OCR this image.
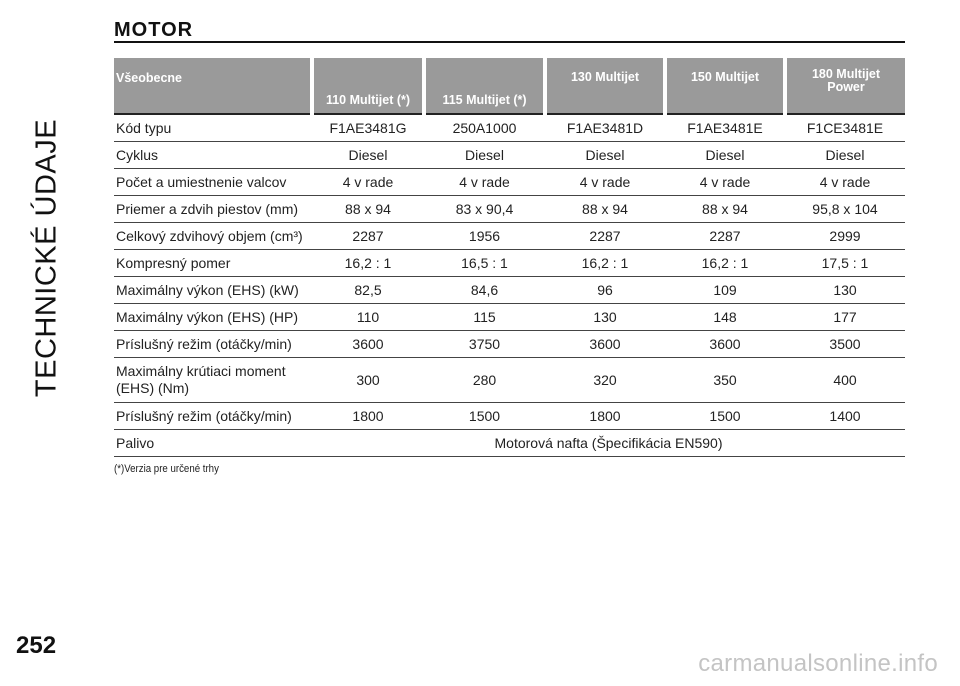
TECHNICKÉ ÚDAJE
252
MOTOR
Všeobecne	110 Multijet (*)	115 Multijet (*)	130 Multijet	150 Multijet	180 Multijet
Power
Kód typu	F1AE3481G	250A1000	F1AE3481D	F1AE3481E	F1CE3481E
Cyklus	Diesel	Diesel	Diesel	Diesel	Diesel
Počet a umiestnenie valcov	4 v rade	4 v rade	4 v rade	4 v rade	4 v rade
Priemer a zdvih piestov (mm)	88 x 94	83 x 90,4	88 x 94	88 x 94	95,8 x 104
Celkový zdvihový objem (cm³)	2287	1956	2287	2287	2999
Kompresný pomer	16,2 : 1	16,5 : 1	16,2 : 1	16,2 : 1	17,5 : 1
Maximálny výkon (EHS) (kW)	82,5	84,6	96	109	130
Maximálny výkon (EHS) (HP)	110	115	130	148	177
Príslušný režim (otáčky/min)	3600	3750	3600	3600	3500
Maximálny krútiaci moment (EHS) (Nm)	300	280	320	350	400
Príslušný režim (otáčky/min)	1800	1500	1800	1500	1400
Palivo	Motorová nafta (Špecifikácia EN590)				
(*)Verzia pre určené trhy
carmanualsonline.info
